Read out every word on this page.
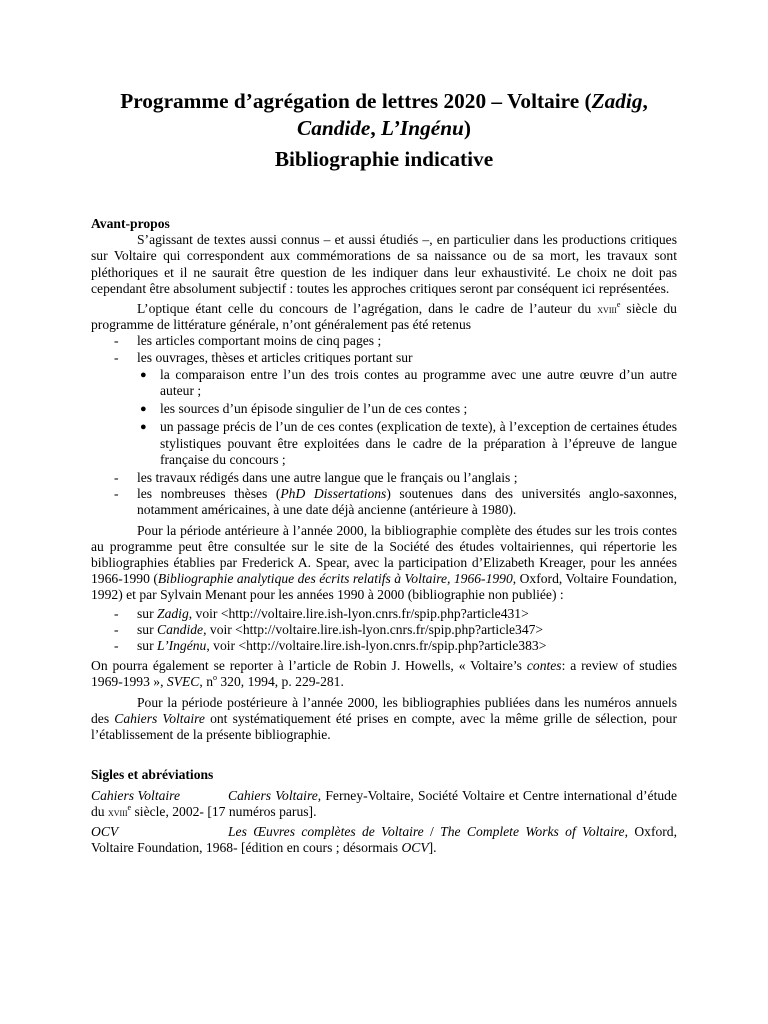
Programme d’agrégation de lettres 2020 – Voltaire (Zadig, Candide, L’Ingénu)
Bibliographie indicative

Avant-propos

S’agissant de textes aussi connus – et aussi étudiés –, en particulier dans les productions critiques sur Voltaire qui correspondent aux commémorations de sa naissance ou de sa mort, les travaux sont pléthoriques et il ne saurait être question de les indiquer dans leur exhaustivité. Le choix ne doit pas cependant être absolument subjectif : toutes les approches critiques seront par conséquent ici représentées.

L’optique étant celle du concours de l’agrégation, dans le cadre de l’auteur du xviii$^e$ siècle du programme de littérature générale, n’ont généralement pas été retenus

- les articles comportant moins de cinq pages ;
- les ouvrages, thèses et articles critiques portant sur
● la comparaison entre l’un des trois contes au programme avec une autre œuvre d’un autre auteur ;
● les sources d’un épisode singulier de l’un de ces contes ;
● un passage précis de l’un de ces contes (explication de texte), à l’exception de certaines études stylistiques pouvant être exploitées dans le cadre de la préparation à l’épreuve de langue française du concours ;
- les travaux rédigés dans une autre langue que le français ou l’anglais ;
- les nombreuses thèses (PhD Dissertations) soutenues dans des universités anglo-saxonnes, notamment américaines, à une date déjà ancienne (antérieure à 1980).

Pour la période antérieure à l’année 2000, la bibliographie complète des études sur les trois contes au programme peut être consultée sur le site de la Société des études voltairiennes, qui répertorie les bibliographies établies par Frederick A. Spear, avec la participation d’Elizabeth Kreager, pour les années 1966-1990 (Bibliographie analytique des écrits relatifs à Voltaire, 1966-1990, Oxford, Voltaire Foundation, 1992) et par Sylvain Menant pour les années 1990 à 2000 (bibliographie non publiée) :

- sur Zadig, voir <http://voltaire.lire.ish-lyon.cnrs.fr/spip.php?article431>
- sur Candide, voir <http://voltaire.lire.ish-lyon.cnrs.fr/spip.php?article347>
- sur L’Ingénu, voir <http://voltaire.lire.ish-lyon.cnrs.fr/spip.php?article383>

On pourra également se reporter à l’article de Robin J. Howells, « Voltaire’s contes: a review of studies 1969-1993 », SVEC, $n^o$ 320, 1994, p. 229-281.

Pour la période postérieure à l’année 2000, les bibliographies publiées dans les numéros annuels des Cahiers Voltaire ont systématiquement été prises en compte, avec la même grille de sélection, pour l’établissement de la présente bibliographie.

Sigles et abréviations

Cahiers Voltaire	Cahiers Voltaire, Ferney-Voltaire, Société Voltaire et Centre international d’étude du xviii$^e$ siècle, 2002- [17 numéros parus].

OCV	Les Œuvres complètes de Voltaire / The Complete Works of Voltaire, Oxford, Voltaire Foundation, 1968- [édition en cours ; désormais OCV].
